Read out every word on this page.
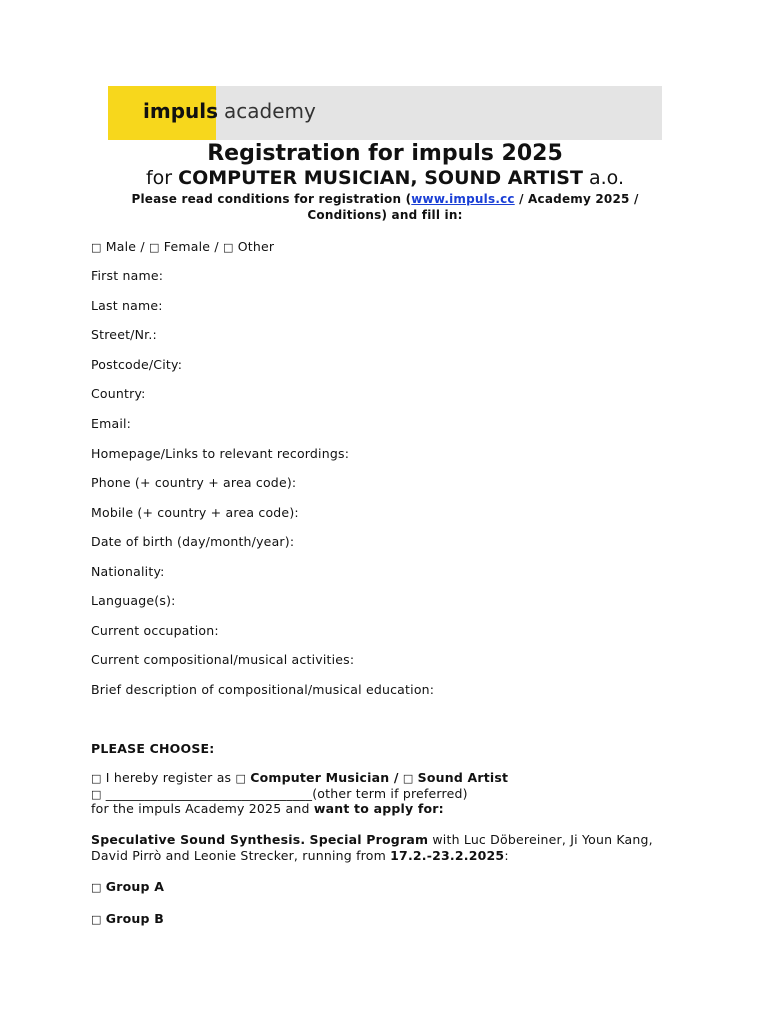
impuls academy
Registration for impuls 2025
for COMPUTER MUSICIAN, SOUND ARTIST a.o.
Please read conditions for registration (www.impuls.cc / Academy 2025 / Conditions) and fill in:
□ Male / □ Female / □ Other
First name:
Last name:
Street/Nr.:
Postcode/City:
Country:
Email:
Homepage/Links to relevant recordings:
Phone (+ country + area code):
Mobile (+ country + area code):
Date of birth (day/month/year):
Nationality:
Language(s):
Current occupation:
Current compositional/musical activities:
Brief description of compositional/musical education:
PLEASE CHOOSE:
□ I hereby register as □ Computer Musician / □ Sound Artist
□ ________________________________(other term if preferred)
for the impuls Academy 2025 and want to apply for:
Speculative Sound Synthesis. Special Program with Luc Döbereiner, Ji Youn Kang,
David Pirrò and Leonie Strecker, running from 17.2.-23.2.2025:
□ Group A
□ Group B
